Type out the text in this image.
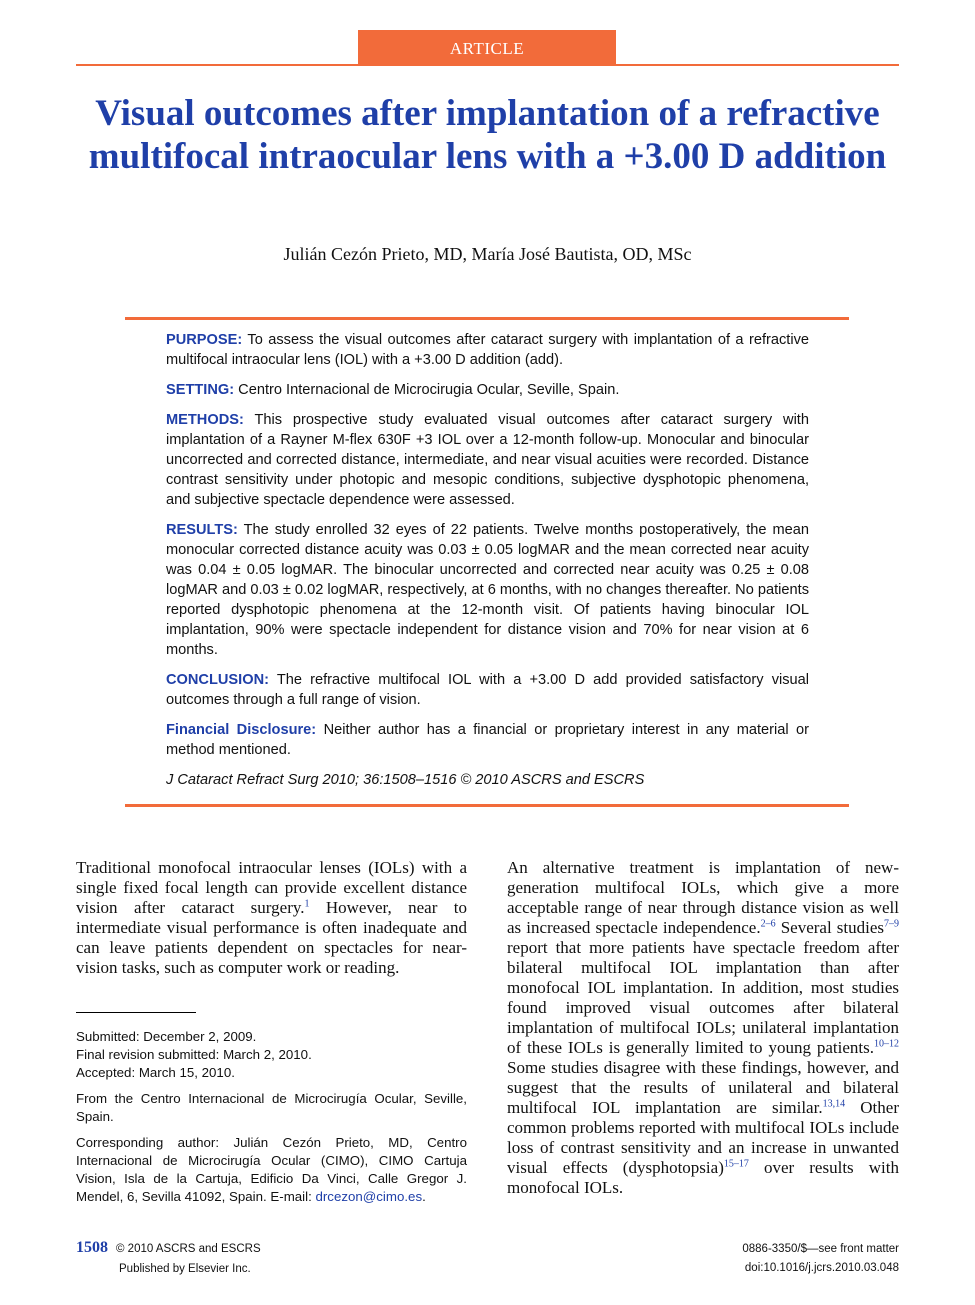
ARTICLE
Visual outcomes after implantation of a refractive multifocal intraocular lens with a +3.00 D addition
Julián Cezón Prieto, MD, María José Bautista, OD, MSc

PURPOSE: To assess the visual outcomes after cataract surgery with implantation of a refractive multifocal intraocular lens (IOL) with a +3.00 D addition (add).

SETTING: Centro Internacional de Microcirugia Ocular, Seville, Spain.

METHODS: This prospective study evaluated visual outcomes after cataract surgery with implantation of a Rayner M-flex 630F +3 IOL over a 12-month follow-up. Monocular and binocular uncorrected and corrected distance, intermediate, and near visual acuities were recorded. Distance contrast sensitivity under photopic and mesopic conditions, subjective dysphotopic phenomena, and subjective spectacle dependence were assessed.

RESULTS: The study enrolled 32 eyes of 22 patients. Twelve months postoperatively, the mean monocular corrected distance acuity was 0.03 ± 0.05 logMAR and the mean corrected near acuity was 0.04 ± 0.05 logMAR. The binocular uncorrected and corrected near acuity was 0.25 ± 0.08 logMAR and 0.03 ± 0.02 logMAR, respectively, at 6 months, with no changes thereafter. No patients reported dysphotopic phenomena at the 12-month visit. Of patients having binocular IOL implantation, 90% were spectacle independent for distance vision and 70% for near vision at 6 months.

CONCLUSION: The refractive multifocal IOL with a +3.00 D add provided satisfactory visual outcomes through a full range of vision.

Financial Disclosure: Neither author has a financial or proprietary interest in any material or method mentioned.

J Cataract Refract Surg 2010; 36:1508–1516 © 2010 ASCRS and ESCRS

Traditional monofocal intraocular lenses (IOLs) with a single fixed focal length can provide excellent distance vision after cataract surgery.$^1$ However, near to intermediate visual performance is often inadequate and can leave patients dependent on spectacles for near-vision tasks, such as computer work or reading.

Submitted: December 2, 2009.
Final revision submitted: March 2, 2010.
Accepted: March 15, 2010.

From the Centro Internacional de Microcirugía Ocular, Seville, Spain.

Corresponding author: Julián Cezón Prieto, MD, Centro Internacional de Microcirugía Ocular (CIMO), CIMO Cartuja Vision, Isla de la Cartuja, Edificio Da Vinci, Calle Gregor J. Mendel, 6, Sevilla 41092, Spain. E-mail: drcezon@cimo.es.

An alternative treatment is implantation of new-generation multifocal IOLs, which give a more acceptable range of near through distance vision as well as increased spectacle independence.$^{2-6}$ Several studies$^{7-9}$ report that more patients have spectacle freedom after bilateral multifocal IOL implantation than after monofocal IOL implantation. In addition, most studies found improved visual outcomes after bilateral implantation of multifocal IOLs; unilateral implantation of these IOLs is generally limited to young patients.$^{10-12}$ Some studies disagree with these findings, however, and suggest that the results of unilateral and bilateral multifocal IOL implantation are similar.$^{13,14}$ Other common problems reported with multifocal IOLs include loss of contrast sensitivity and an increase in unwanted visual effects (dysphotopsia)$^{15-17}$ over results with monofocal IOLs.
1508 © 2010 ASCRS and ESCRS
Published by Elsevier Inc.
0886-3350/$—see front matter
doi:10.1016/j.jcrs.2010.03.048
